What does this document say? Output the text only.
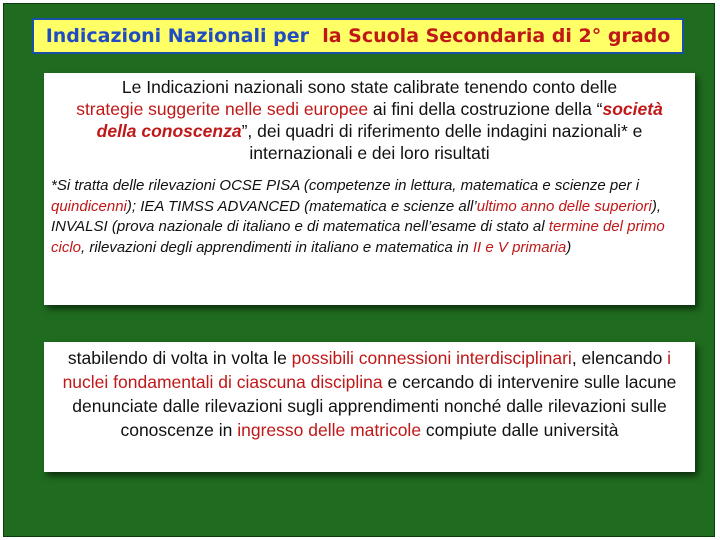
Indicazioni Nazionali per
la Scuola Secondaria di 2° grado

Le Indicazioni nazionali sono state calibrate tenendo conto delle
strategie suggerite nelle sedi europee ai fini della costruzione della “società della conoscenza”, dei quadri di riferimento delle indagini nazionali* e internazionali e dei loro risultati

*Si tratta delle rilevazioni OCSE PISA (competenze in lettura, matematica e scienze per i quindicenni); IEA TIMSS ADVANCED (matematica e scienze all’ultimo anno delle superiori), INVALSI (prova nazionale di italiano e di matematica nell’esame di stato al termine del primo ciclo, rilevazioni degli apprendimenti in italiano e matematica in II e V primaria)

stabilendo di volta in volta le possibili connessioni interdisciplinari, elencando i nuclei fondamentali di ciascuna disciplina e cercando di intervenire sulle lacune denunciate dalle rilevazioni sugli apprendimenti nonché dalle rilevazioni sulle conoscenze in ingresso delle matricole compiute dalle università
